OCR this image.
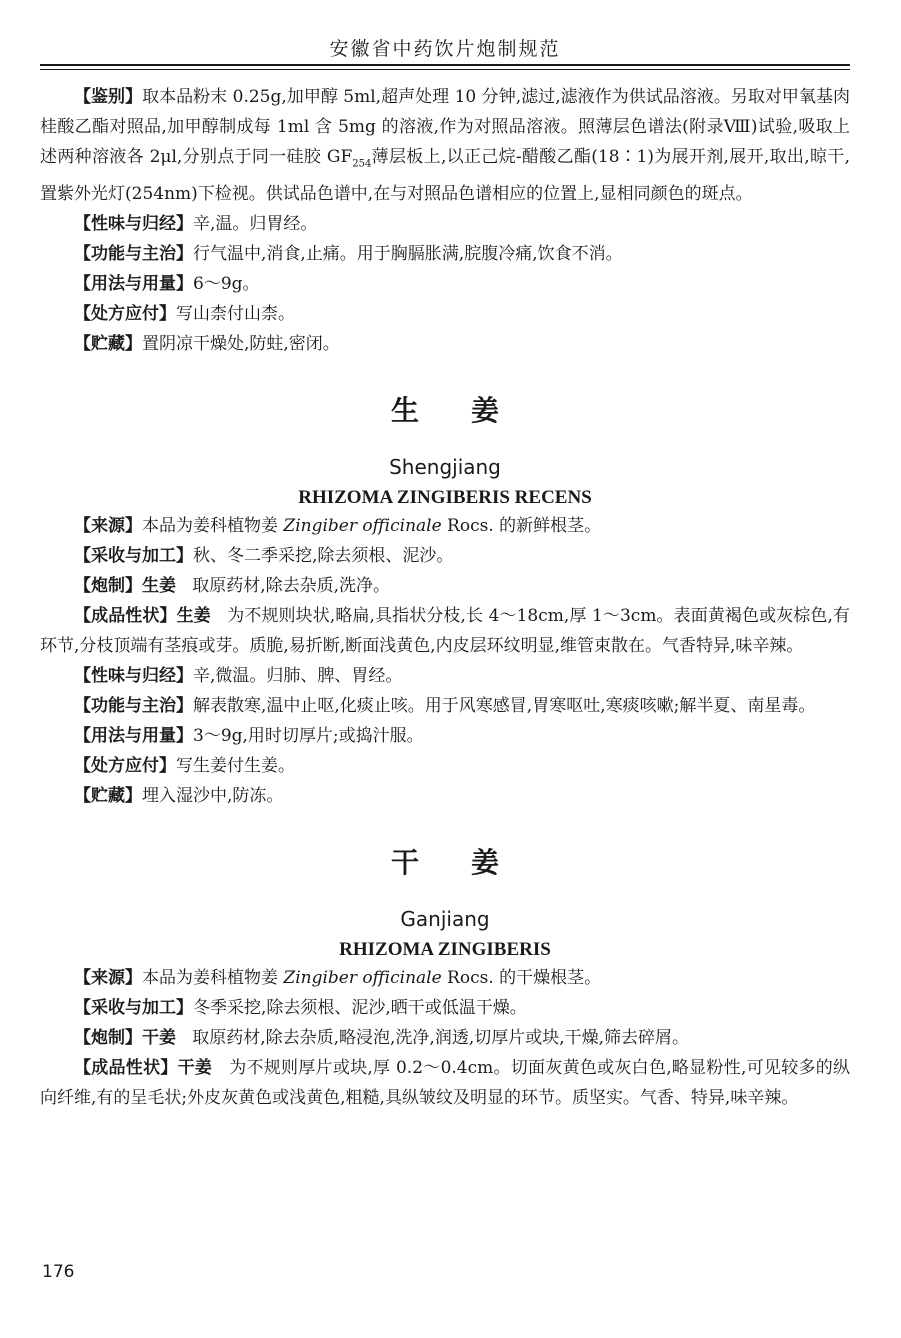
安徽省中药饮片炮制规范

【鉴别】取本品粉末 0.25g,加甲醇 5ml,超声处理 10 分钟,滤过,滤液作为供试品溶液。另取对甲氧基肉桂酸乙酯对照品,加甲醇制成每 1ml 含 5mg 的溶液,作为对照品溶液。照薄层色谱法(附录Ⅷ)试验,吸取上述两种溶液各 2μl,分别点于同一硅胶 $GF_{254}$薄层板上,以正己烷-醋酸乙酯(18∶1)为展开剂,展开,取出,晾干,置紫外光灯(254nm)下检视。供试品色谱中,在与对照品色谱相应的位置上,显相同颜色的斑点。

【性味与归经】辛,温。归胃经。

【功能与主治】行气温中,消食,止痛。用于胸膈胀满,脘腹冷痛,饮食不消。

【用法与用量】6～9g。

【处方应付】写山柰付山柰。

【贮藏】置阴凉干燥处,防蛀,密闭。

生姜

Shengjiang

RHIZOMA ZINGIBERIS RECENS

【来源】本品为姜科植物姜 Zingiber officinale Rocs. 的新鲜根茎。

【采收与加工】秋、冬二季采挖,除去须根、泥沙。

【炮制】生姜 取原药材,除去杂质,洗净。

【成品性状】生姜 为不规则块状,略扁,具指状分枝,长 4～18cm,厚 1～3cm。表面黄褐色或灰棕色,有环节,分枝顶端有茎痕或芽。质脆,易折断,断面浅黄色,内皮层环纹明显,维管束散在。气香特异,味辛辣。

【性味与归经】辛,微温。归肺、脾、胃经。

【功能与主治】解表散寒,温中止呕,化痰止咳。用于风寒感冒,胃寒呕吐,寒痰咳嗽;解半夏、南星毒。

【用法与用量】3～9g,用时切厚片;或捣汁服。

【处方应付】写生姜付生姜。

【贮藏】埋入湿沙中,防冻。

干姜

Ganjiang

RHIZOMA ZINGIBERIS

【来源】本品为姜科植物姜 Zingiber officinale Rocs. 的干燥根茎。

【采收与加工】冬季采挖,除去须根、泥沙,晒干或低温干燥。

【炮制】干姜 取原药材,除去杂质,略浸泡,洗净,润透,切厚片或块,干燥,筛去碎屑。

【成品性状】干姜 为不规则厚片或块,厚 0.2～0.4cm。切面灰黄色或灰白色,略显粉性,可见较多的纵向纤维,有的呈毛状;外皮灰黄色或浅黄色,粗糙,具纵皱纹及明显的环节。质坚实。气香、特异,味辛辣。

176
